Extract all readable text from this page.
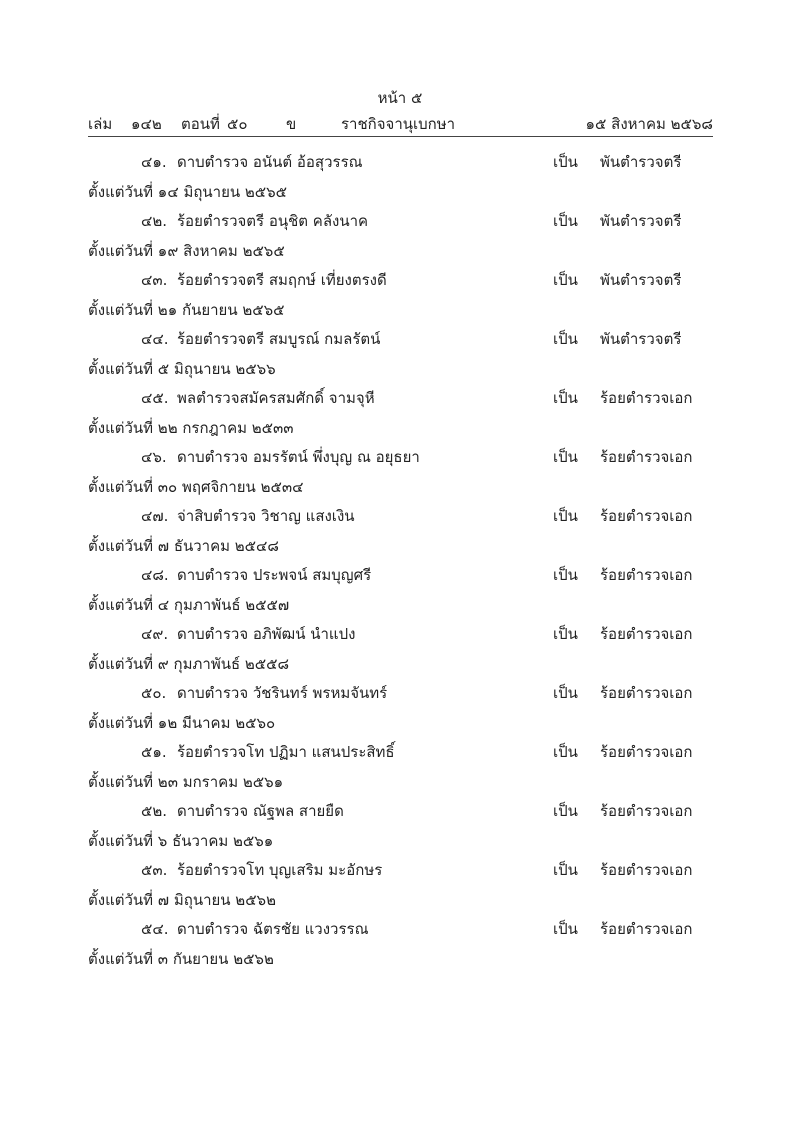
หน้า ๕
เล่ม ๑๔๒ ตอนที่ ๕๐	ข	ราชกิจจานุเบกษา	๑๕ สิงหาคม ๒๕๖๘
๔๑. ดาบตำรวจ อนันต์ อ้อสุวรรณ	เป็น พันตำรวจตรี
ตั้งแต่วันที่ ๑๔ มิถุนายน ๒๕๖๕
๔๒. ร้อยตำรวจตรี อนุชิต คลังนาค	เป็น พันตำรวจตรี
ตั้งแต่วันที่ ๑๙ สิงหาคม ๒๕๖๕
๔๓. ร้อยตำรวจตรี สมฤกษ์ เที่ยงตรงดี	เป็น พันตำรวจตรี
ตั้งแต่วันที่ ๒๑ กันยายน ๒๕๖๕
๔๔. ร้อยตำรวจตรี สมบูรณ์ กมลรัตน์	เป็น พันตำรวจตรี
ตั้งแต่วันที่ ๕ มิถุนายน ๒๕๖๖
๔๕. พลตำรวจสมัครสมศักดิ์ จามจุหี	เป็น ร้อยตำรวจเอก
ตั้งแต่วันที่ ๒๒ กรกฎาคม ๒๕๓๓
๔๖. ดาบตำรวจ อมรรัตน์ พึ่งบุญ ณ อยุธยา	เป็น ร้อยตำรวจเอก
ตั้งแต่วันที่ ๓๐ พฤศจิกายน ๒๕๓๔
๔๗. จ่าสิบตำรวจ วิชาญ แสงเงิน	เป็น ร้อยตำรวจเอก
ตั้งแต่วันที่ ๗ ธันวาคม ๒๕๔๘
๔๘. ดาบตำรวจ ประพจน์ สมบุญศรี	เป็น ร้อยตำรวจเอก
ตั้งแต่วันที่ ๔ กุมภาพันธ์ ๒๕๕๗
๔๙. ดาบตำรวจ อภิพัฒน์ นำแปง	เป็น ร้อยตำรวจเอก
ตั้งแต่วันที่ ๙ กุมภาพันธ์ ๒๕๕๘
๕๐. ดาบตำรวจ วัชรินทร์ พรหมจันทร์	เป็น ร้อยตำรวจเอก
ตั้งแต่วันที่ ๑๒ มีนาคม ๒๕๖๐
๕๑. ร้อยตำรวจโท ปฏิมา แสนประสิทธิ์	เป็น ร้อยตำรวจเอก
ตั้งแต่วันที่ ๒๓ มกราคม ๒๕๖๑
๕๒. ดาบตำรวจ ณัฐพล สายยืด	เป็น ร้อยตำรวจเอก
ตั้งแต่วันที่ ๖ ธันวาคม ๒๕๖๑
๕๓. ร้อยตำรวจโท บุญเสริม มะอักษร	เป็น ร้อยตำรวจเอก
ตั้งแต่วันที่ ๗ มิถุนายน ๒๕๖๒
๕๔. ดาบตำรวจ ฉัตรชัย แวงวรรณ	เป็น ร้อยตำรวจเอก
ตั้งแต่วันที่ ๓ กันยายน ๒๕๖๒
